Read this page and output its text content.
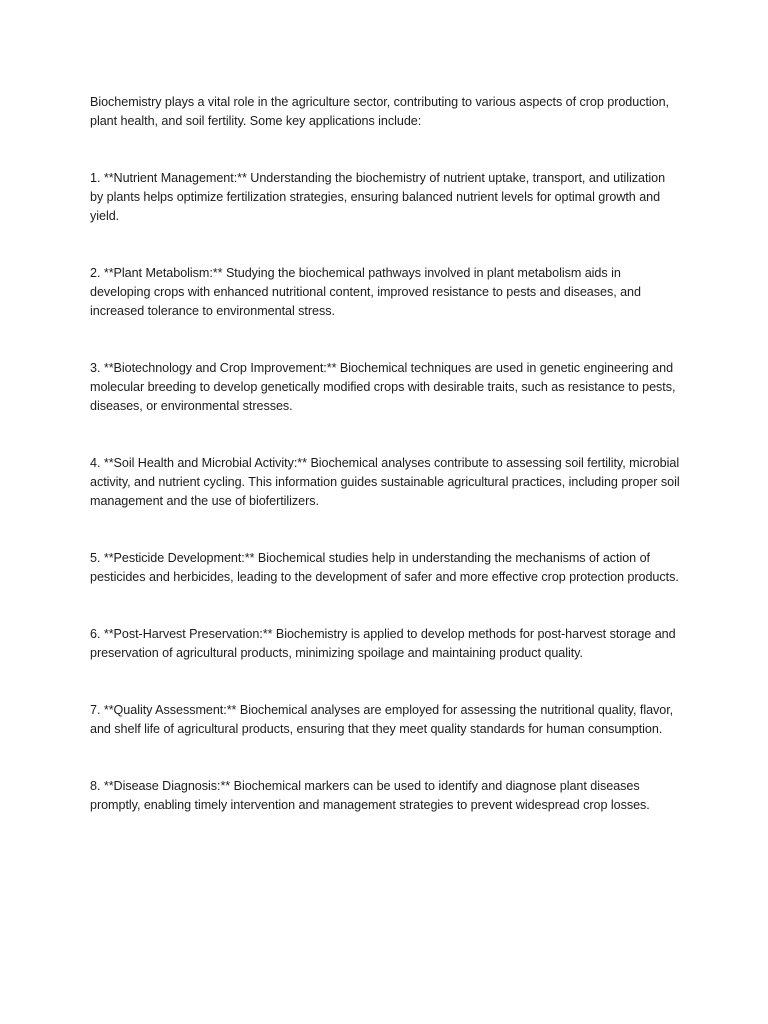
Biochemistry plays a vital role in the agriculture sector, contributing to various aspects of crop production, plant health, and soil fertility. Some key applications include:

1. **Nutrient Management:** Understanding the biochemistry of nutrient uptake, transport, and utilization by plants helps optimize fertilization strategies, ensuring balanced nutrient levels for optimal growth and yield.

2. **Plant Metabolism:** Studying the biochemical pathways involved in plant metabolism aids in developing crops with enhanced nutritional content, improved resistance to pests and diseases, and increased tolerance to environmental stress.

3. **Biotechnology and Crop Improvement:** Biochemical techniques are used in genetic engineering and molecular breeding to develop genetically modified crops with desirable traits, such as resistance to pests, diseases, or environmental stresses.

4. **Soil Health and Microbial Activity:** Biochemical analyses contribute to assessing soil fertility, microbial activity, and nutrient cycling. This information guides sustainable agricultural practices, including proper soil management and the use of biofertilizers.

5. **Pesticide Development:** Biochemical studies help in understanding the mechanisms of action of pesticides and herbicides, leading to the development of safer and more effective crop protection products.

6. **Post-Harvest Preservation:** Biochemistry is applied to develop methods for post-harvest storage and preservation of agricultural products, minimizing spoilage and maintaining product quality.

7. **Quality Assessment:** Biochemical analyses are employed for assessing the nutritional quality, flavor, and shelf life of agricultural products, ensuring that they meet quality standards for human consumption.

8. **Disease Diagnosis:** Biochemical markers can be used to identify and diagnose plant diseases promptly, enabling timely intervention and management strategies to prevent widespread crop losses.
